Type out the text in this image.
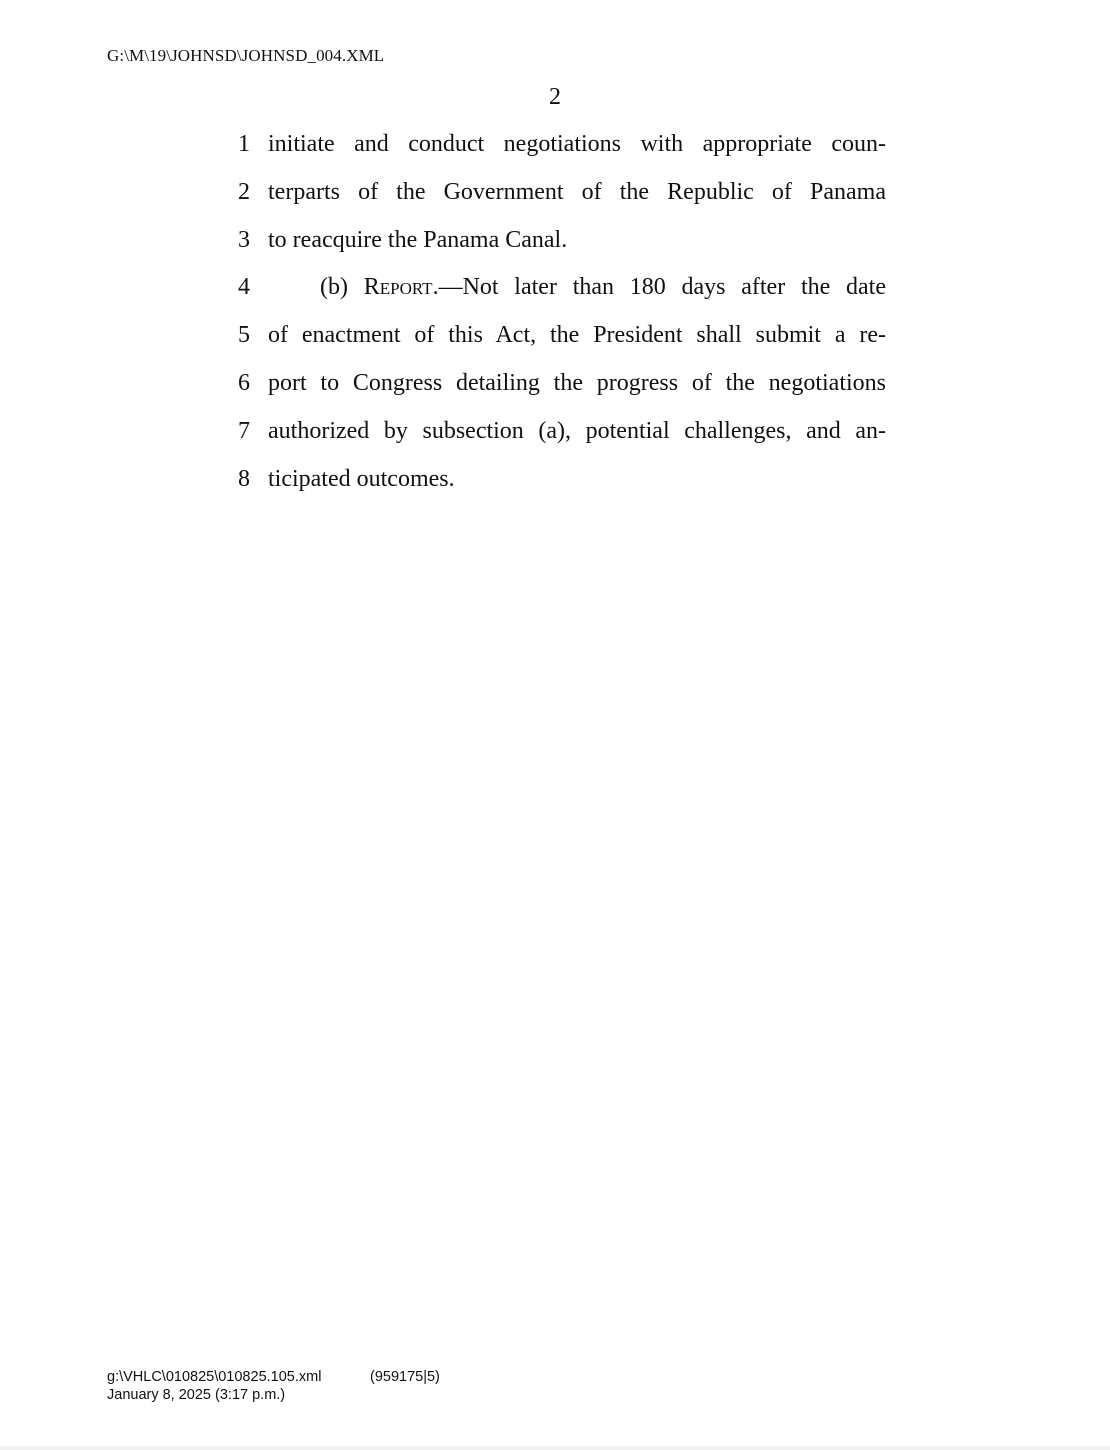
G:\M\19\JOHNSD\JOHNSD_004.XML
2
1 initiate and conduct negotiations with appropriate coun-
2 terparts of the Government of the Republic of Panama
3 to reacquire the Panama Canal.
4	(b) Report.—Not later than 180 days after the date
5 of enactment of this Act, the President shall submit a re-
6 port to Congress detailing the progress of the negotiations
7 authorized by subsection (a), potential challenges, and an-
8 ticipated outcomes.
g:\VHLC\010825\010825.105.xml
January 8, 2025 (3:17 p.m.)
(959175|5)
